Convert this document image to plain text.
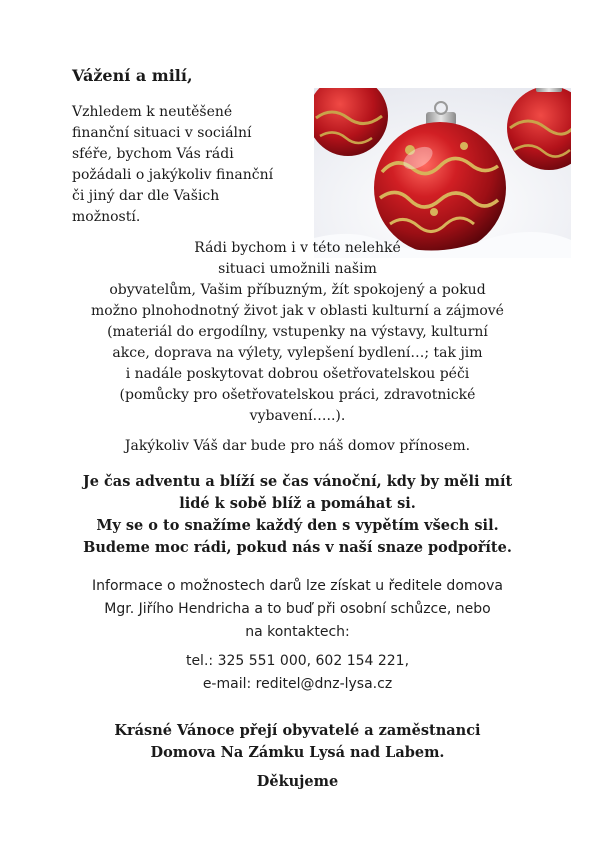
Vážení a milí,

Vzhledem k neutěšené
finanční situaci v sociální
sféře, bychom Vás rádi
požádali o jakýkoliv finanční
či jiný dar dle Vašich
možností.

Rádi bychom i v této nelehké
situaci umožnili našim
obyvatelům, Vašim příbuzným, žít spokojený a pokud
možno plnohodnotný život jak v oblasti kulturní a zájmové
(materiál do ergodílny, vstupenky na výstavy, kulturní
akce, doprava na výlety, vylepšení bydlení…; tak jim
i nadále poskytovat dobrou ošetřovatelskou péči
(pomůcky pro ošetřovatelskou práci, zdravotnické
vybavení…..).

Jakýkoliv Váš dar bude pro náš domov přínosem.

Je čas adventu a blíží se čas vánoční, kdy by měli mít
lidé k sobě blíž a pomáhat si.
My se o to snažíme každý den s vypětím všech sil.
Budeme moc rádi, pokud nás v naší snaze podpoříte.
Informace o možnostech darů lze získat u ředitele domova
Mgr. Jiřího Hendricha a to buď při osobní schůzce, nebo
na kontaktech:
tel.: 325 551 000, 602 154 221,
e-mail: reditel@dnz-lysa.cz
Krásné Vánoce přejí obyvatelé a zaměstnanci
Domova Na Zámku Lysá nad Labem.

Děkujeme
